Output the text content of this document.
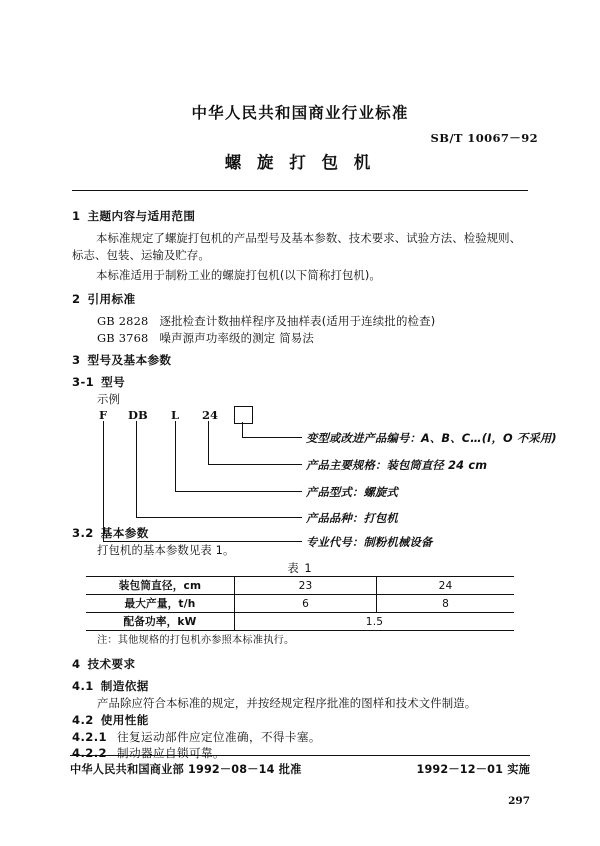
中华人民共和国商业行业标准
SB/T 10067－92
螺 旋 打 包 机
1 主题内容与适用范围
本标准规定了螺旋打包机的产品型号及基本参数、技术要求、试验方法、检验规则、标志、包装、运输及贮存。
本标准适用于制粉工业的螺旋打包机(以下简称打包机)。
2 引用标准
GB 2828 逐批检查计数抽样程序及抽样表(适用于连续批的检查)
GB 3768 噪声源声功率级的测定 简易法
3 型号及基本参数
3-1 型号
示例
F DB L 24
变型或改进产品编号：A、B、C…(I，O 不采用)
产品主要规格：装包筒直径 24 cm
产品型式：螺旋式
产品品种：打包机
专业代号：制粉机械设备
3.2 基本参数
打包机的基本参数见表 1。
表 1
装包筒直径，cm	23	24
最大产量，t/h	6	8
配备功率，kW	1.5	
注：其他规格的打包机亦参照本标准执行。
4 技术要求
4.1 制造依据
产品除应符合本标准的规定，并按经规定程序批准的图样和技术文件制造。
4.2 使用性能
4.2.1 往复运动部件应定位准确，不得卡塞。
4.2.2 制动器应自锁可靠。
中华人民共和国商业部 1992－08－14 批准	1992－12－01 实施
297
